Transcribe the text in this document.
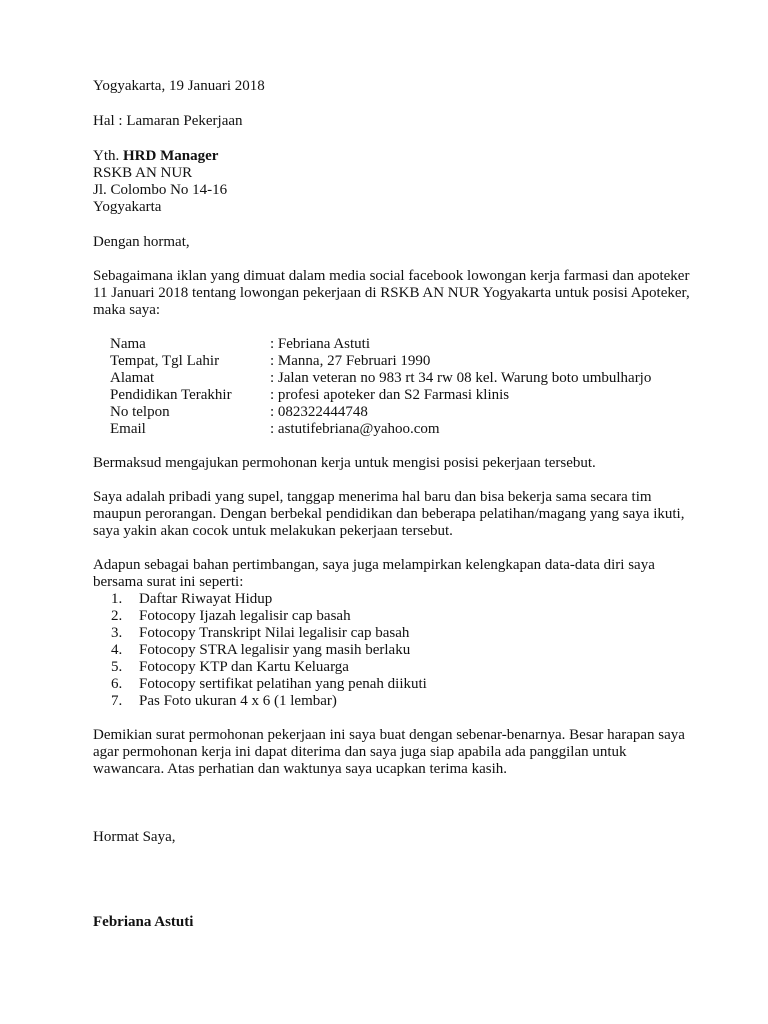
Yogyakarta, 19 Januari 2018
Hal : Lamaran Pekerjaan
Yth. HRD Manager
RSKB AN NUR
Jl. Colombo No 14-16
Yogyakarta
Dengan hormat,
Sebagaimana iklan yang dimuat dalam media social facebook lowongan kerja farmasi dan apoteker 11 Januari 2018 tentang lowongan pekerjaan di RSKB AN NUR Yogyakarta untuk posisi Apoteker, maka saya:
Nama	: Febriana Astuti
Tempat, Tgl Lahir	: Manna, 27 Februari 1990
Alamat	: Jalan veteran no 983 rt 34 rw 08 kel. Warung boto umbulharjo
Pendidikan Terakhir	: profesi apoteker dan S2 Farmasi klinis
No telpon	: 082322444748
Email	: astutifebriana@yahoo.com
Bermaksud mengajukan permohonan kerja untuk mengisi posisi pekerjaan tersebut.
Saya adalah pribadi yang supel, tanggap menerima hal baru dan bisa bekerja sama secara tim maupun perorangan. Dengan berbekal pendidikan dan beberapa pelatihan/magang yang saya ikuti, saya yakin akan cocok untuk melakukan pekerjaan tersebut.
Adapun sebagai bahan pertimbangan, saya juga melampirkan kelengkapan data-data diri saya bersama surat ini seperti:
1.	Daftar Riwayat Hidup
2.	Fotocopy Ijazah legalisir cap basah
3.	Fotocopy Transkript Nilai legalisir cap basah
4.	Fotocopy STRA legalisir yang masih berlaku
5.	Fotocopy KTP dan Kartu Keluarga
6.	Fotocopy sertifikat pelatihan yang penah diikuti
7.	Pas Foto ukuran 4 x 6 (1 lembar)
Demikian surat permohonan pekerjaan ini saya buat dengan sebenar-benarnya. Besar harapan saya agar permohonan kerja ini dapat diterima dan saya juga siap apabila ada panggilan untuk wawancara. Atas perhatian dan waktunya saya ucapkan terima kasih.
Hormat Saya,
Febriana Astuti
